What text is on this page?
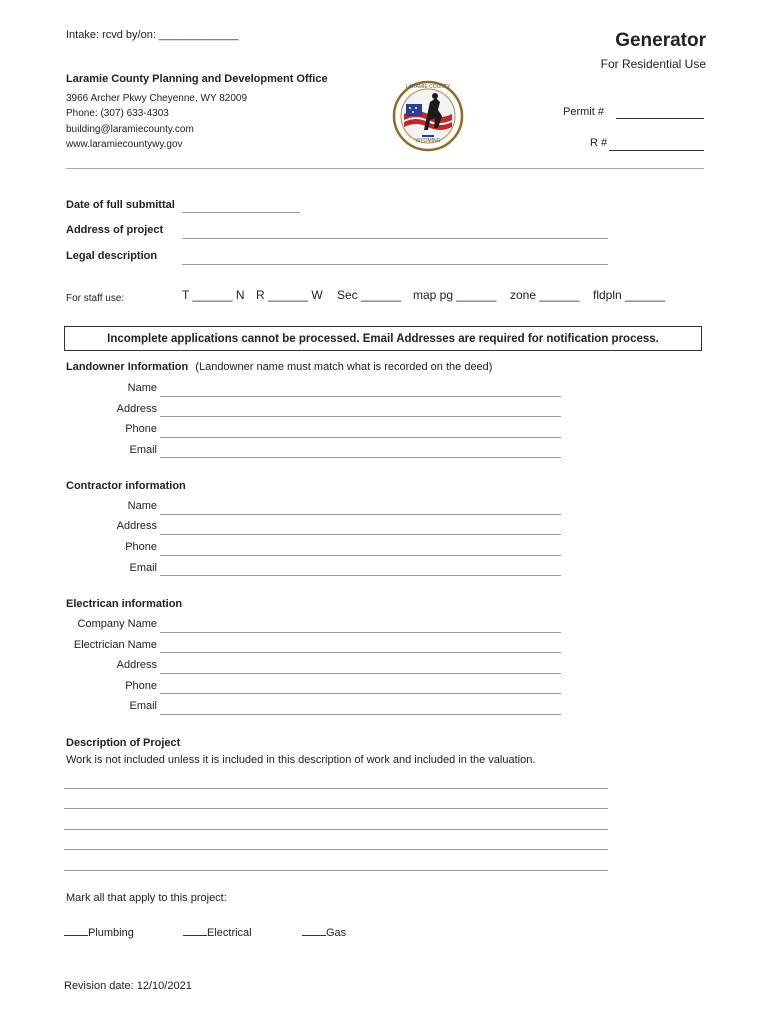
Intake: rcvd by/on: _____________	Generator
For Residential Use
Laramie County Planning and Development Office
3966 Archer Pkwy Cheyenne, WY 82009
Phone: (307) 633-4303
building@laramiecounty.com
www.laramiecountywy.gov
LARAMIE COUNTY
WYOMING
Permit #
R #
Date of full submittal
Address of project
Legal description
For staff use:	T ______ N R ______ W Sec ______ map pg ______ zone ______ fldpln ______
Incomplete applications cannot be processed. Email Addresses are required for notification process.
Landowner Information (Landowner name must match what is recorded on the deed)
Name
Address
Phone
Email
Contractor information
Name
Address
Phone
Email
Electrican information
Company Name
Electrician Name
Address
Phone
Email
Description of Project
Work is not included unless it is included in this description of work and included in the valuation.
Mark all that apply to this project:
Plumbing	Electrical	Gas
Revision date: 12/10/2021
